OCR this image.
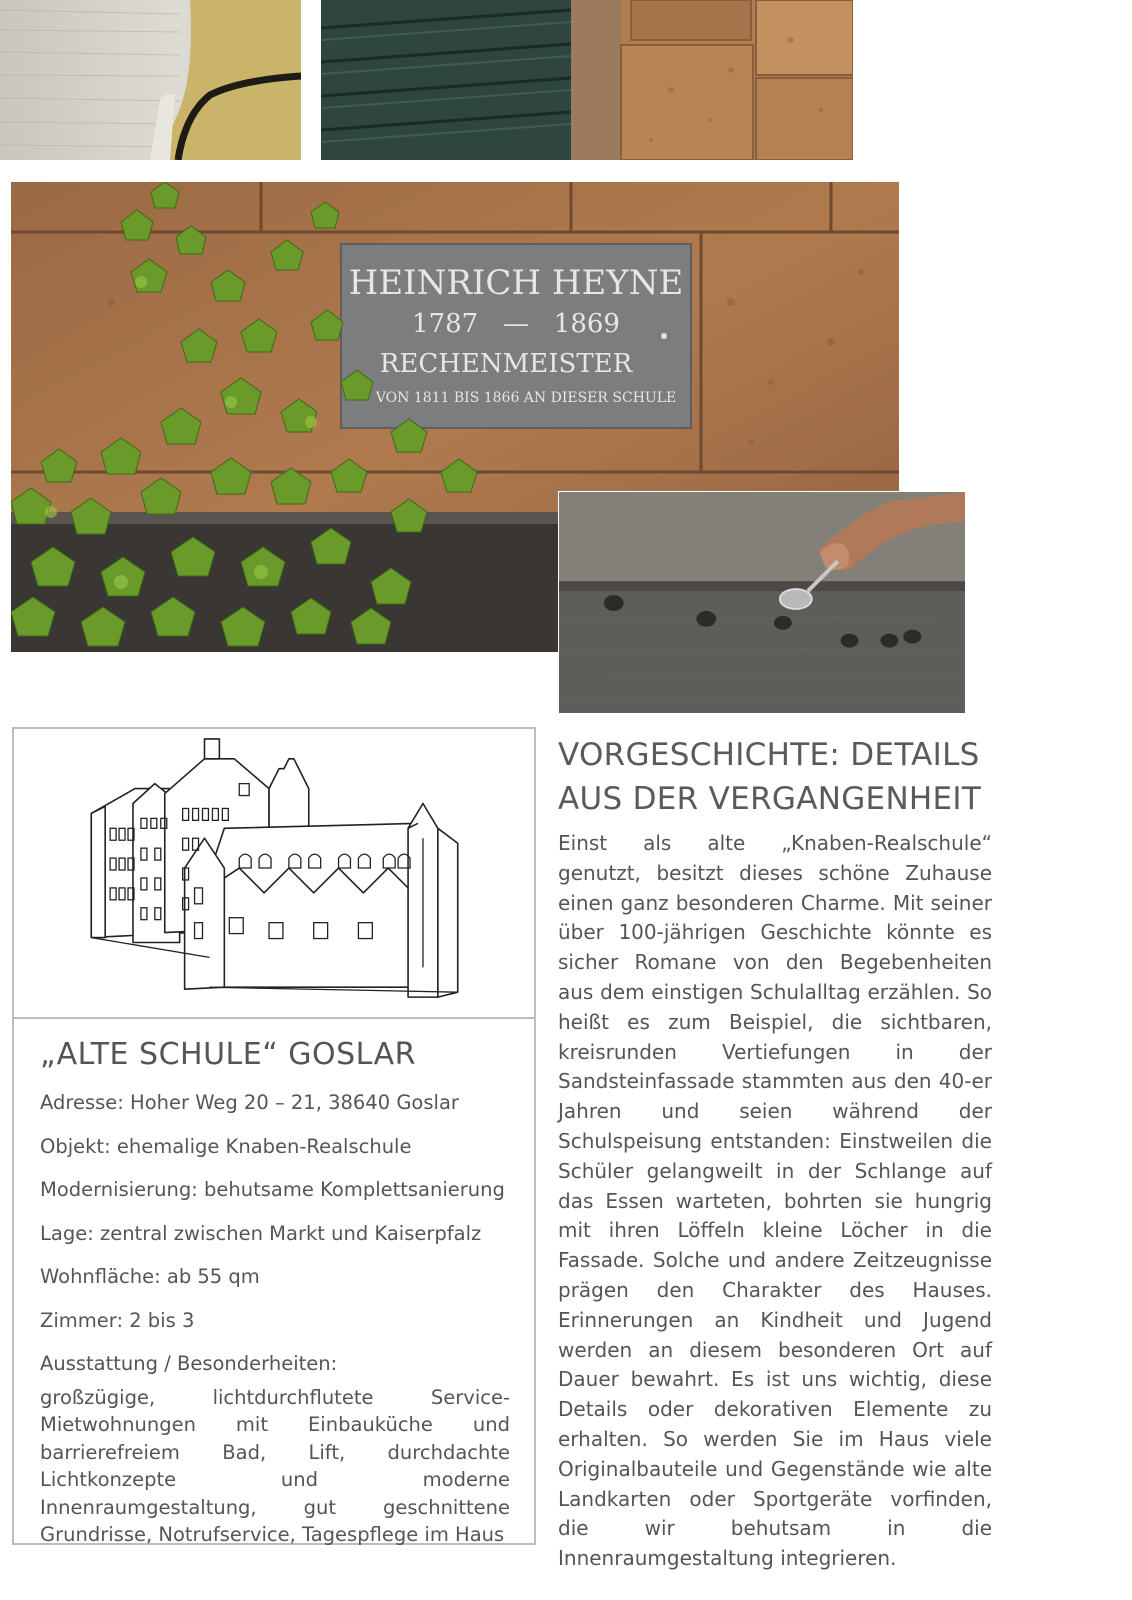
HEINRICH HEYNE
1787   —   1869
RECHENMEISTER
VON 1811 BIS 1866 AN DIESER SCHULE
„ALTE SCHULE“ GOSLAR
Adresse: Hoher Weg 20 – 21, 38640 Goslar
Objekt: ehemalige Knaben-Realschule
Modernisierung: behutsame Komplettsanierung
Lage: zentral zwischen Markt und Kaiserpfalz
Wohnfläche: ab 55 qm
Zimmer: 2 bis 3
Ausstattung / Besonderheiten:
großzügige, lichtdurchflutete Service-Mietwohnungen mit Einbauküche und barrierefreiem Bad, Lift, durchdachte Lichtkonzepte und moderne Innenraumgestaltung, gut geschnittene Grundrisse, Notrufservice, Tagespflege im Haus
VORGESCHICHTE: DETAILS AUS DER VERGANGENHEIT
Einst als alte „Knaben-Realschule“ genutzt, besitzt dieses schöne Zuhause einen ganz besonderen Charme. Mit seiner über 100-jährigen Geschichte könnte es sicher Romane von den Begebenheiten aus dem einstigen Schulalltag erzählen. So heißt es zum Beispiel, die sichtbaren, kreisrunden Vertiefungen in der Sandsteinfassade stammten aus den 40-er Jahren und seien während der Schulspeisung entstanden: Einstweilen die Schüler gelangweilt in der Schlange auf das Essen warteten, bohrten sie hungrig mit ihren Löffeln kleine Löcher in die Fassade. Solche und andere Zeitzeugnisse prägen den Charakter des Hauses. Erinnerungen an Kindheit und Jugend werden an diesem besonderen Ort auf Dauer bewahrt. Es ist uns wichtig, diese Details oder dekorativen Elemente zu erhalten. So werden Sie im Haus viele Originalbauteile und Gegenstände wie alte Landkarten oder Sportgeräte vorfinden, die wir behutsam in die Innenraumgestaltung integrieren.
